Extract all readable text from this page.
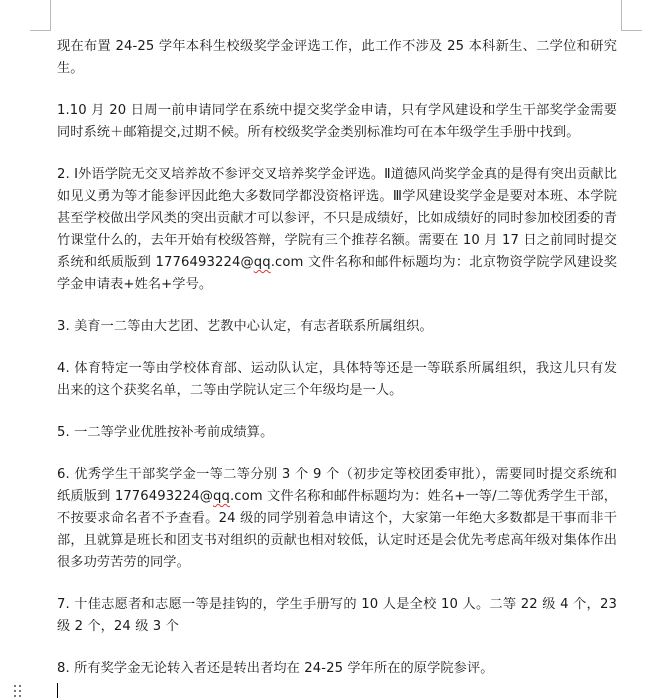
现在布置 24-25 学年本科生校级奖学金评选工作，此工作不涉及 25 本科新生、二学位和研究生。

1.10 月 20 日周一前申请同学在系统中提交奖学金申请，只有学风建设和学生干部奖学金需要同时系统＋邮箱提交,过期不候。所有校级奖学金类别标准均可在本年级学生手册中找到。

2. Ⅰ外语学院无交叉培养故不参评交叉培养奖学金评选。Ⅱ道德风尚奖学金真的是得有突出贡献比如见义勇为等才能参评因此绝大多数同学都没资格评选。Ⅲ学风建设奖学金是要对本班、本学院甚至学校做出学风类的突出贡献才可以参评，不只是成绩好，比如成绩好的同时参加校团委的青竹课堂什么的，去年开始有校级答辩，学院有三个推荐名额。需要在 10 月 17 日之前同时提交系统和纸质版到 1776493224@qq.com 文件名称和邮件标题均为：北京物资学院学风建设奖学金申请表+姓名+学号。

3. 美育一二等由大艺团、艺教中心认定，有志者联系所属组织。

4. 体育特定一等由学校体育部、运动队认定，具体特等还是一等联系所属组织，我这儿只有发出来的这个获奖名单，二等由学院认定三个年级均是一人。

5. 一二等学业优胜按补考前成绩算。

6. 优秀学生干部奖学金一等二等分别 3 个 9 个（初步定等校团委审批），需要同时提交系统和纸质版到 1776493224@qq.com 文件名称和邮件标题均为：姓名+一等/二等优秀学生干部，不按要求命名者不予查看。24 级的同学别着急申请这个，大家第一年绝大多数都是干事而非干部，且就算是班长和团支书对组织的贡献也相对较低，认定时还是会优先考虑高年级对集体作出很多功劳苦劳的同学。

7. 十佳志愿者和志愿一等是挂钩的，学生手册写的 10 人是全校 10 人。二等 22 级 4 个，23 级 2 个，24 级 3 个

8. 所有奖学金无论转入者还是转出者均在 24-25 学年所在的原学院参评。
